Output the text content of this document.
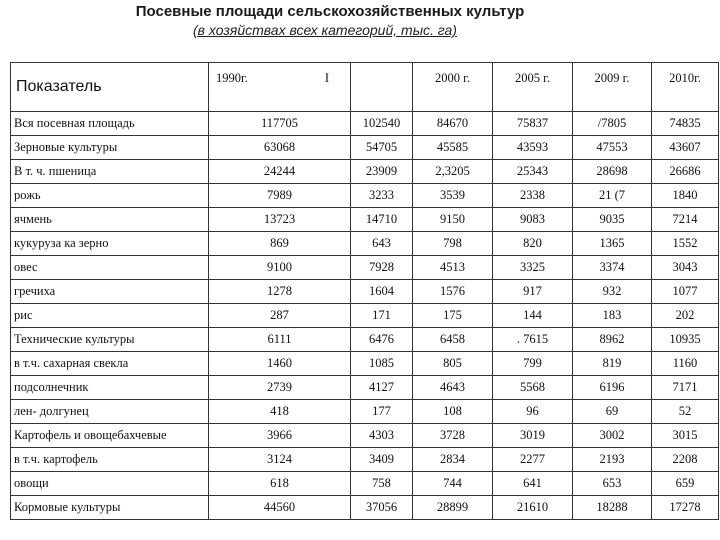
Посевные площади сельскохозяйственных культур
(в хозяйствах всех категорий, тыс. га)
Показатель	1990г. I		2000 г.	2005 г.	2009 г.	2010г.
Вся посевная площадь	117705	102540	84670	75837	/7805	74835
Зерновые культуры	63068	54705	45585	43593	47553	43607
В т. ч. пшеница	24244	23909	2,3205	25343	28698	26686
рожь	7989	3233	3539	2338	21 (7	1840
ячмень	13723	14710	9150	9083	9035	7214
кукуруза ка зерно	869	643	798	820	1365	1552
овес	9100	7928	4513	3325	3374	3043
гречиха	1278	1604	1576	917	932	1077
рис	287	171	175	144	183	202
Технические культуры	6111	6476	6458	. 7615	8962	10935
в т.ч. сахарная свекла	1460	1085	805	799	819	1160
подсолнечник	2739	4127	4643	5568	6196	7171
лен- долгунец	418	177	108	96	69	52
Картофель и овощебахчевые	3966	4303	3728	3019	3002	3015
в т.ч. картофель	3124	3409	2834	2277	2193	2208
овощи	618	758	744	641	653	659
Кормовые культуры	44560	37056	28899	21610	18288	17278
